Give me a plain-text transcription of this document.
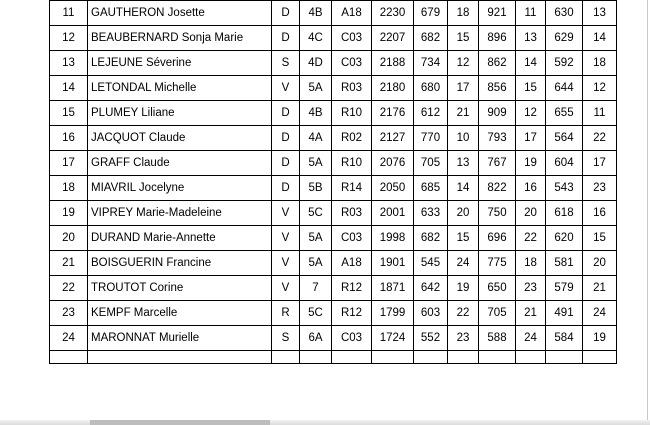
11	GAUTHERON Josette	D	4B	A18	2230	679	18	921	11	630	13
12	BEAUBERNARD Sonja Marie	D	4C	C03	2207	682	15	896	13	629	14
13	LEJEUNE Séverine	S	4D	C03	2188	734	12	862	14	592	18
14	LETONDAL Michelle	V	5A	R03	2180	680	17	856	15	644	12
15	PLUMEY Liliane	D	4B	R10	2176	612	21	909	12	655	11
16	JACQUOT Claude	D	4A	R02	2127	770	10	793	17	564	22
17	GRAFF Claude	D	5A	R10	2076	705	13	767	19	604	17
18	MIAVRIL Jocelyne	D	5B	R14	2050	685	14	822	16	543	23
19	VIPREY Marie-Madeleine	V	5C	R03	2001	633	20	750	20	618	16
20	DURAND Marie-Annette	V	5A	C03	1998	682	15	696	22	620	15
21	BOISGUERIN Francine	V	5A	A18	1901	545	24	775	18	581	20
22	TROUTOT Corine	V	7	R12	1871	642	19	650	23	579	21
23	KEMPF Marcelle	R	5C	R12	1799	603	22	705	21	491	24
24	MARONNAT Murielle	S	6A	C03	1724	552	23	588	24	584	19
